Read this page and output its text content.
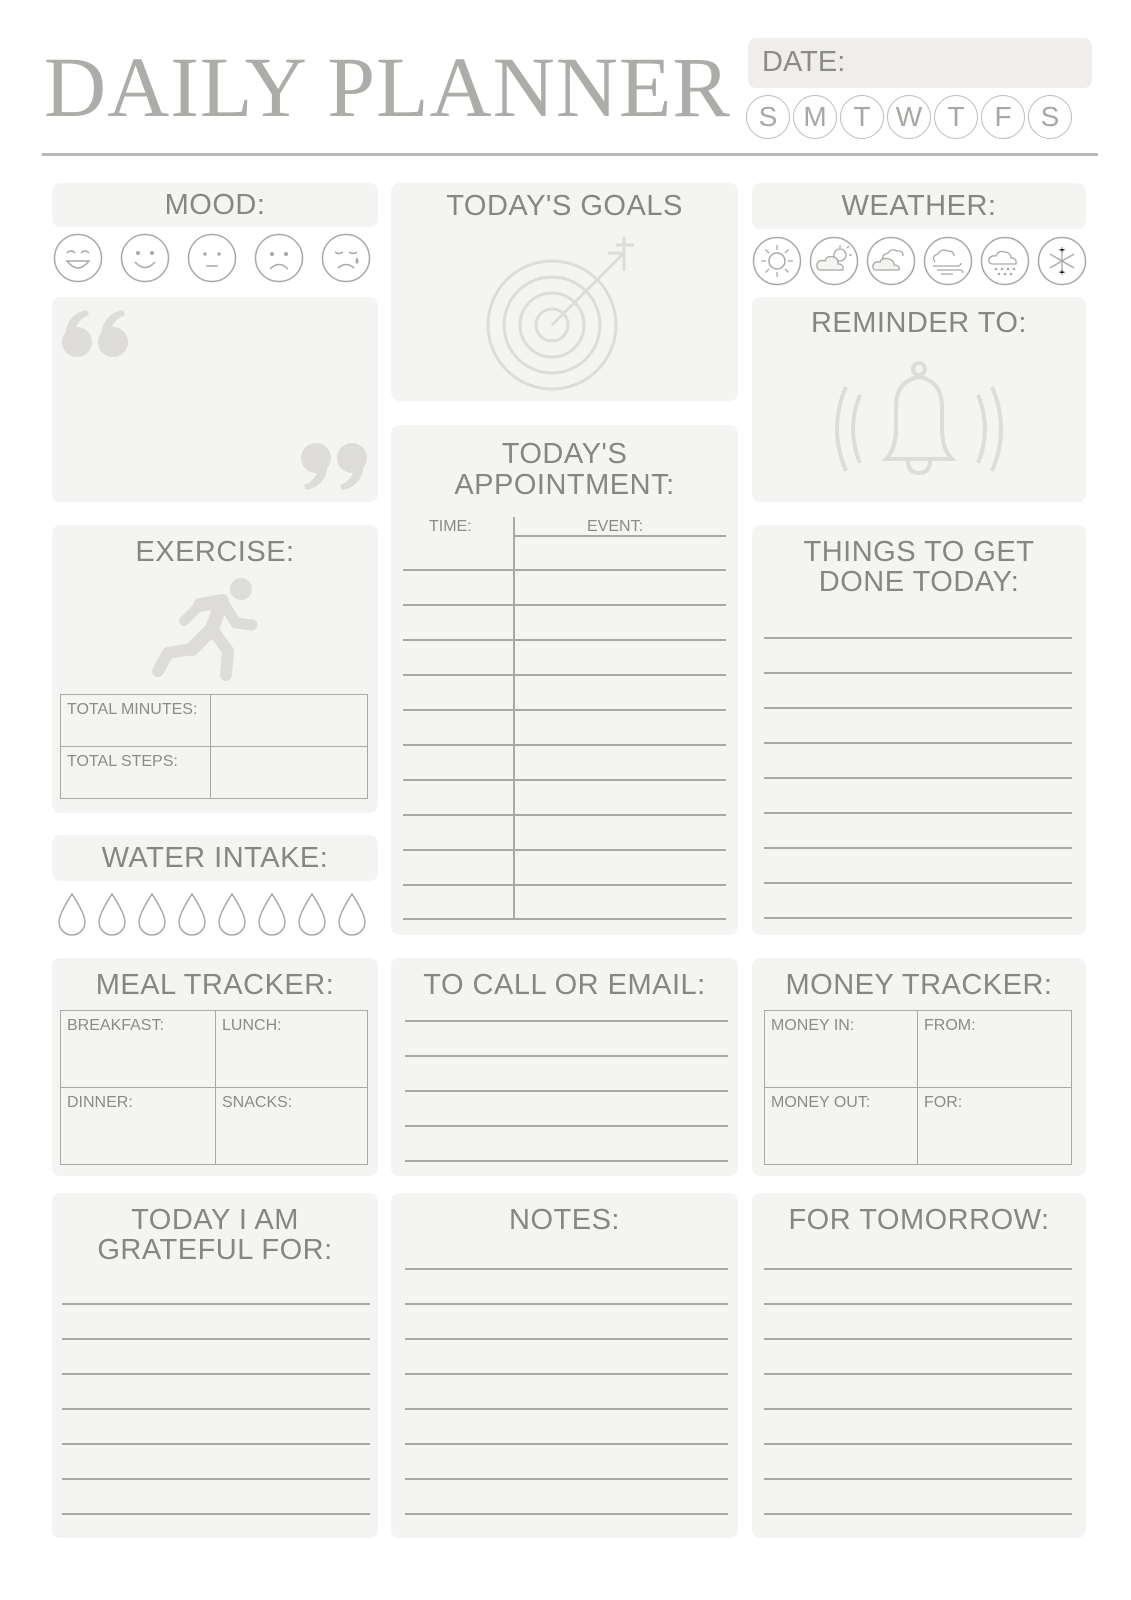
DAILY PLANNER DATE:
S M T W T	F	S
MOOD:	TODAY'S GOALS	WEATHER:
REMINDER TO:
EXERCISE:
TOTAL MINUTES:	
TOTAL STEPS:	
WATER INTAKE:
TODAY'S
APPOINTMENT:
TIME:	EVENT:
THINGS TO GET
DONE TODAY:
MEAL TRACKER:
BREAKFAST:	LUNCH:
DINNER:	SNACKS:
TO CALL OR EMAIL:	MONEY TRACKER:
MONEY IN:	FROM:
MONEY OUT:	FOR:
TODAY I AM
GRATEFUL FOR:
NOTES:	FOR TOMORROW:
